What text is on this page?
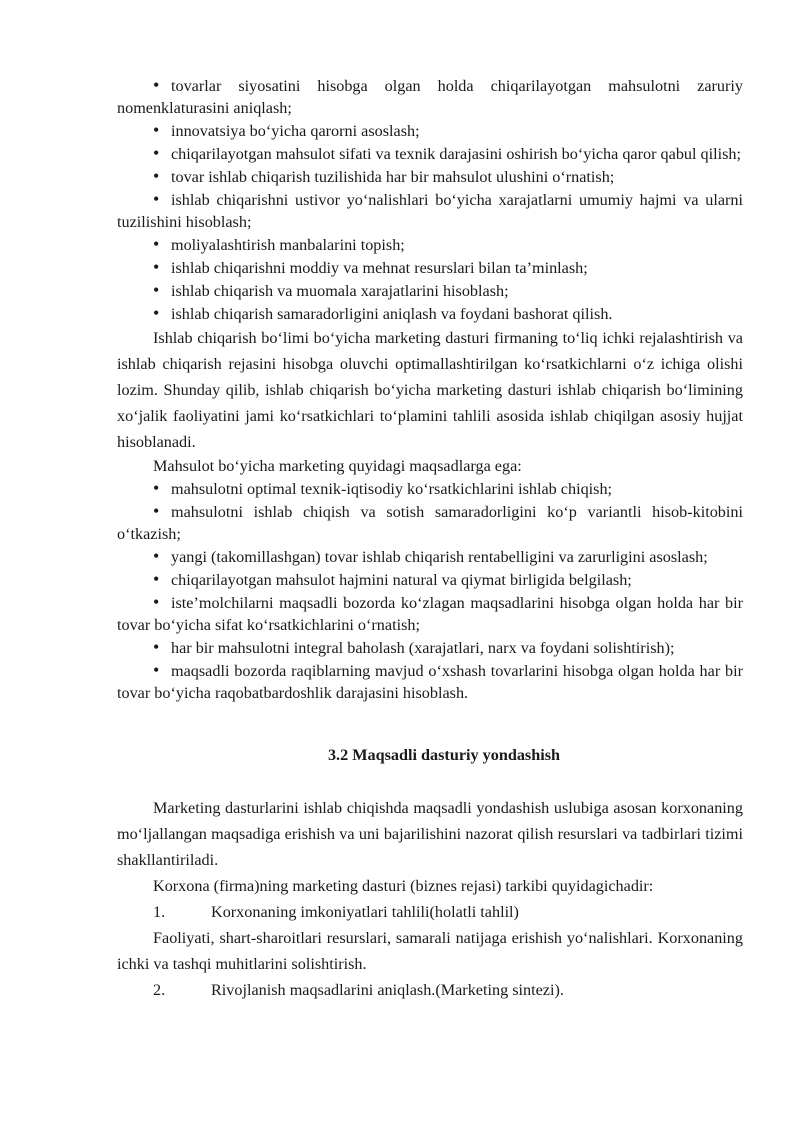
• tovarlar siyosatini hisobga olgan holda chiqarilayotgan mahsulotni zaruriy nomenklaturasini aniqlash;

• innovatsiya bo‘yicha qarorni asoslash;

• chiqarilayotgan mahsulot sifati va texnik darajasini oshirish bo‘yicha qaror qabul qilish;

• tovar ishlab chiqarish tuzilishida har bir mahsulot ulushini o‘rnatish;

• ishlab chiqarishni ustivor yo‘nalishlari bo‘yicha xarajatlarni umumiy hajmi va ularni tuzilishini hisoblash;

• moliyalashtirish manbalarini topish;

• ishlab chiqarishni moddiy va mehnat resurslari bilan ta’minlash;

• ishlab chiqarish va muomala xarajatlarini hisoblash;

• ishlab chiqarish samaradorligini aniqlash va foydani bashorat qilish.

Ishlab chiqarish bo‘limi bo‘yicha marketing dasturi firmaning to‘liq ichki rejalashtirish va ishlab chiqarish rejasini hisobga oluvchi optimallashtirilgan ko‘rsatkichlarni o‘z ichiga olishi lozim. Shunday qilib, ishlab chiqarish bo‘yicha marketing dasturi ishlab chiqarish bo‘limining xo‘jalik faoliyatini jami ko‘rsatkichlari to‘plamini tahlili asosida ishlab chiqilgan asosiy hujjat hisoblanadi.

Mahsulot bo‘yicha marketing quyidagi maqsadlarga ega:

• mahsulotni optimal texnik-iqtisodiy ko‘rsatkichlarini ishlab chiqish;

• mahsulotni ishlab chiqish va sotish samaradorligini ko‘p variantli hisob-kitobini o‘tkazish;

• yangi (takomillashgan) tovar ishlab chiqarish rentabelligini va zarurligini asoslash;

• chiqarilayotgan mahsulot hajmini natural va qiymat birligida belgilash;

• iste’molchilarni maqsadli bozorda ko‘zlagan maqsadlarini hisobga olgan holda har bir tovar bo‘yicha sifat ko‘rsatkichlarini o‘rnatish;

• har bir mahsulotni integral baholash (xarajatlari, narx va foydani solishtirish);

• maqsadli bozorda raqiblarning mavjud o‘xshash tovarlarini hisobga olgan holda har bir tovar bo‘yicha raqobatbardoshlik darajasini hisoblash.

3.2 Maqsadli dasturiy yondashish

Marketing dasturlarini ishlab chiqishda maqsadli yondashish uslubiga asosan korxonaning mo‘ljallangan maqsadiga erishish va uni bajarilishini nazorat qilish resurslari va tadbirlari tizimi shakllantiriladi.

Korxona (firma)ning marketing dasturi (biznes rejasi) tarkibi quyidagichadir:

1.	Korxonaning imkoniyatlari tahlili(holatli tahlil)

Faoliyati, shart-sharoitlari resurslari, samarali natijaga erishish yo‘nalishlari. Korxonaning ichki va tashqi muhitlarini solishtirish.

2.	Rivojlanish maqsadlarini aniqlash.(Marketing sintezi).
